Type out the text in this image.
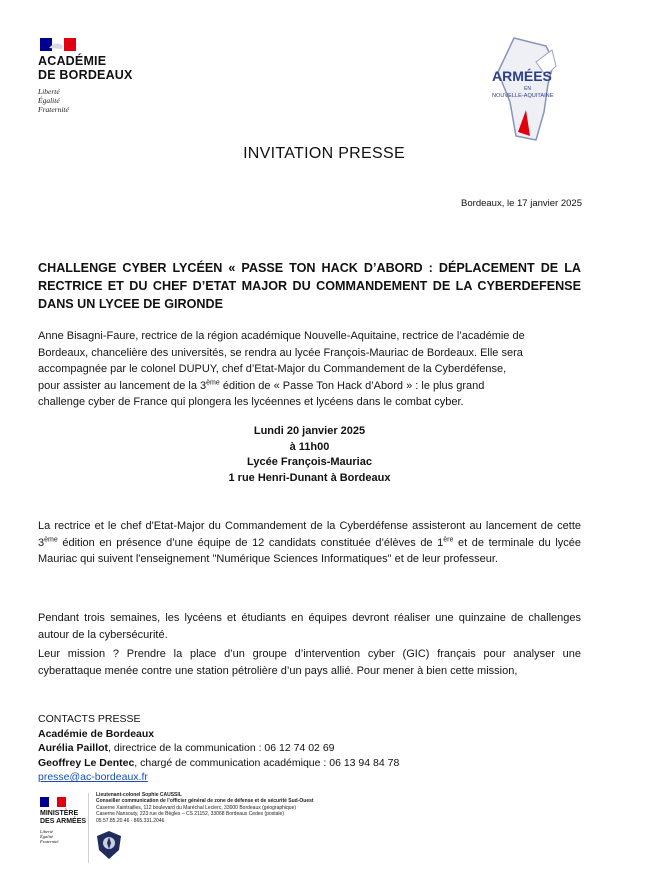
ACADÉMIE
DE BORDEAUX
Liberté
Égalité
Fraternité
ARMÉES
EN
NOUVELLE-AQUITAINE
INVITATION PRESSE
Bordeaux, le 17 janvier 2025
CHALLENGE CYBER LYCÉEN « PASSE TON HACK D’ABORD : DÉPLACEMENT DE LA RECTRICE ET DU CHEF D’ETAT MAJOR DU COMMANDEMENT DE LA CYBERDEFENSE DANS UN LYCEE DE GIRONDE
Anne Bisagni-Faure, rectrice de la région académique Nouvelle-Aquitaine, rectrice de l’académie de
Bordeaux, chancelière des universités, se rendra au lycée François-Mauriac de Bordeaux. Elle sera
accompagnée par le colonel DUPUY, chef d’Etat-Major du Commandement de la Cyberdéfense,
pour assister au lancement de la 3ème édition de « Passe Ton Hack d’Abord » : le plus grand
challenge cyber de France qui plongera les lycéennes et lycéens dans le combat cyber.
Lundi 20 janvier 2025
à 11h00
Lycée François-Mauriac
1 rue Henri-Dunant à Bordeaux
La rectrice et le chef d'Etat-Major du Commandement de la Cyberdéfense assisteront au lancement de cette 3ème édition en présence d’une équipe de 12 candidats constituée d’élèves de 1ère et de terminale du lycée Mauriac qui suivent l'enseignement "Numérique Sciences Informatiques" et de leur professeur.
Pendant trois semaines, les lycéens et étudiants en équipes devront réaliser une quinzaine de challenges autour de la cybersécurité.
Leur mission ? Prendre la place d’un groupe d’intervention cyber (GIC) français pour analyser une cyberattaque menée contre une station pétrolière d’un pays allié. Pour mener à bien cette mission,
CONTACTS PRESSE
Académie de Bordeaux
Aurélia Paillot, directrice de la communication : 06 12 74 02 69
Geoffrey Le Dentec, chargé de communication académique : 06 13 94 84 78
presse@ac-bordeaux.fr
MINISTÈRE
DES ARMÉES
Liberté
Égalité
Fraternité
Lieutenant-colonel Sophie CAUSSIL
Conseiller communication de l’officier général de zone de défense et de sécurité Sud-Ouest
Caserne Xaintrailles, 112 boulevard du Maréchal Leclerc, 33000 Bordeaux (géographique)
Caserne Nansouty, 223 rue de Bègles – CS 21152, 33068 Bordeaux Cedex (postale)
05.57.85.20.46 - 865.331.2046
